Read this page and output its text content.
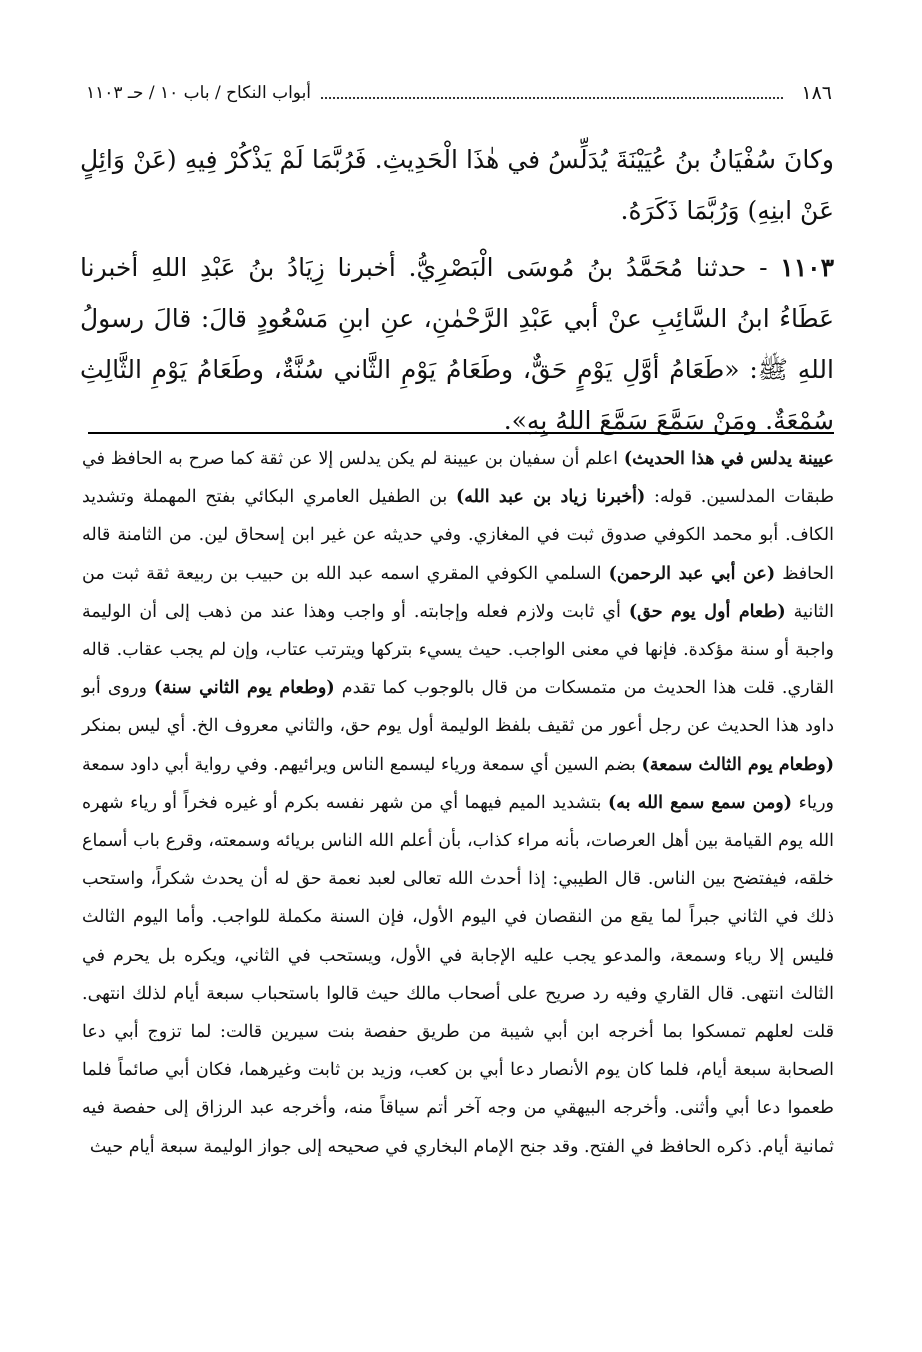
١٨٦
أبواب النكاح / باب ١٠ / حـ ١١٠٣

وكانَ سُفْيَانُ بنُ عُيَيْنَةَ يُدَلِّسُ في هٰذَا الْحَدِيثِ. فَرُبَّمَا لَمْ يَذْكُرْ فِيهِ (عَنْ وَائِلٍ عَنْ ابنِهِ) وَرُبَّمَا ذَكَرَهُ.

١١٠٣ - حدثنا مُحَمَّدُ بنُ مُوسَى الْبَصْرِيُّ. أخبرنا زِيَادُ بنُ عَبْدِ اللهِ أخبرنا عَطَاءُ ابنُ السَّائِبِ عنْ أبي عَبْدِ الرَّحْمٰنِ، عنِ ابنِ مَسْعُودٍ قالَ: قالَ رسولُ اللهِ ﷺ: «طَعَامُ أوَّلِ يَوْمٍ حَقٌّ، وطَعَامُ يَوْمِ الثَّاني سُنَّةٌ، وطَعَامُ يَوْمِ الثَّالِثِ سُمْعَةٌ. ومَنْ سَمَّعَ سَمَّعَ اللهُ بِهِ».

عيينة يدلس في هذا الحديث) اعلم أن سفيان بن عيينة لم يكن يدلس إلا عن ثقة كما صرح به الحافظ في طبقات المدلسين. قوله: (أخبرنا زياد بن عبد الله) بن الطفيل العامري البكائي بفتح المهملة وتشديد الكاف. أبو محمد الكوفي صدوق ثبت في المغازي. وفي حديثه عن غير ابن إسحاق لين. من الثامنة قاله الحافظ (عن أبي عبد الرحمن) السلمي الكوفي المقري اسمه عبد الله بن حبيب بن ربيعة ثقة ثبت من الثانية (طعام أول يوم حق) أي ثابت ولازم فعله وإجابته. أو واجب وهذا عند من ذهب إلى أن الوليمة واجبة أو سنة مؤكدة. فإنها في معنى الواجب. حيث يسيء بتركها ويترتب عتاب، وإن لم يجب عقاب. قاله القاري. قلت هذا الحديث من متمسكات من قال بالوجوب كما تقدم (وطعام يوم الثاني سنة) وروى أبو داود هذا الحديث عن رجل أعور من ثقيف بلفظ الوليمة أول يوم حق، والثاني معروف الخ. أي ليس بمنكر (وطعام يوم الثالث سمعة) بضم السين أي سمعة ورياء ليسمع الناس ويرائيهم. وفي رواية أبي داود سمعة ورياء (ومن سمع سمع الله به) بتشديد الميم فيهما أي من شهر نفسه بكرم أو غيره فخراً أو رياء شهره الله يوم القيامة بين أهل العرصات، بأنه مراء كذاب، بأن أعلم الله الناس بريائه وسمعته، وقرع باب أسماع خلقه، فيفتضح بين الناس. قال الطيبي: إذا أحدث الله تعالى لعبد نعمة حق له أن يحدث شكراً، واستحب ذلك في الثاني جبراً لما يقع من النقصان في اليوم الأول، فإن السنة مكملة للواجب. وأما اليوم الثالث فليس إلا رياء وسمعة، والمدعو يجب عليه الإجابة في الأول، ويستحب في الثاني، ويكره بل يحرم في الثالث انتهى. قال القاري وفيه رد صريح على أصحاب مالك حيث قالوا باستحباب سبعة أيام لذلك انتهى. قلت لعلهم تمسكوا بما أخرجه ابن أبي شيبة من طريق حفصة بنت سيرين قالت: لما تزوج أبي دعا الصحابة سبعة أيام، فلما كان يوم الأنصار دعا أبي بن كعب، وزيد بن ثابت وغيرهما، فكان أبي صائماً فلما طعموا دعا أبي وأثنى. وأخرجه البيهقي من وجه آخر أتم سياقاً منه، وأخرجه عبد الرزاق إلى حفصة فيه ثمانية أيام. ذكره الحافظ في الفتح. وقد جنح الإمام البخاري في صحيحه إلى جواز الوليمة سبعة أيام حيث
